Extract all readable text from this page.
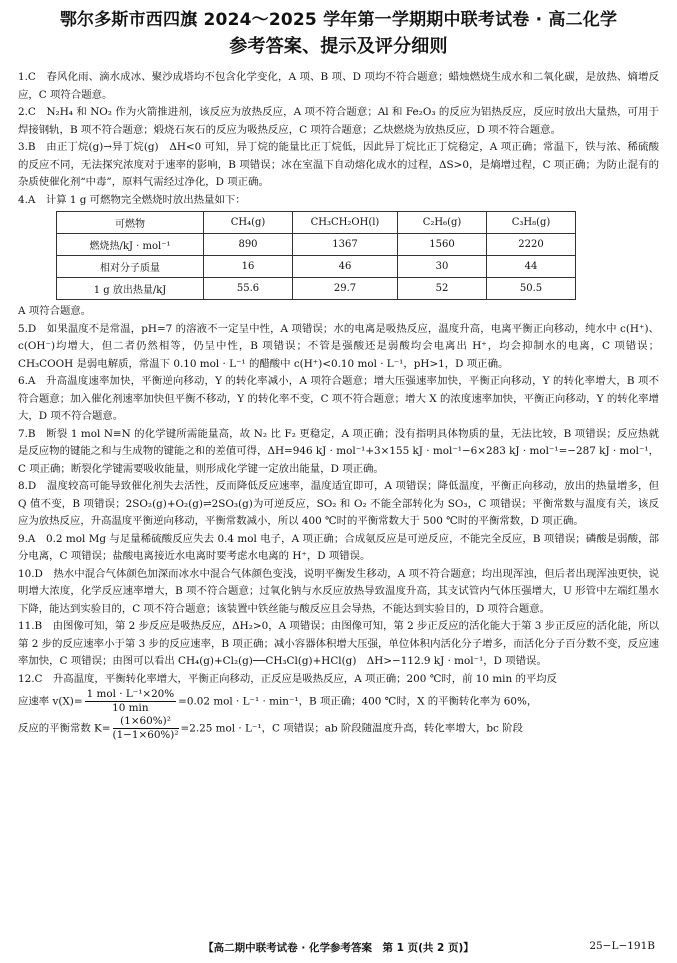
鄂尔多斯市西四旗 2024～2025 学年第一学期期中联考试卷 · 高二化学
参考答案、提示及评分细则

1.C　春风化雨、滴水成冰、聚沙成塔均不包含化学变化，A 项、B 项、D 项均不符合题意；蜡烛燃烧生成水和二氧化碳，是放热、熵增反应，C 项符合题意。

2.C　N₂H₄ 和 NO₂ 作为火箭推进剂，该反应为放热反应，A 项不符合题意；Al 和 Fe₂O₃ 的反应为铝热反应，反应时放出大量热，可用于焊接钢轨，B 项不符合题意；煅烧石灰石的反应为吸热反应，C 项符合题意；乙炔燃烧为放热反应，D 项不符合题意。

3.B　由正丁烷(g)→异丁烷(g)　ΔH<0 可知，异丁烷的能量比正丁烷低，因此异丁烷比正丁烷稳定，A 项正确；常温下，铁与浓、稀硫酸的反应不同，无法探究浓度对于速率的影响，B 项错误；冰在室温下自动熔化成水的过程，ΔS>0，是熵增过程，C 项正确；为防止混有的杂质使催化剂“中毒”，原料气需经过净化，D 项正确。

4.A　计算 1 g 可燃物完全燃烧时放出热量如下：

可燃物	CH₄(g)	CH₃CH₂OH(l)	C₂H₆(g)	C₃H₈(g)
燃烧热/kJ · mol⁻¹	890	1367	1560	2220
相对分子质量	16	46	30	44
1 g 放出热量/kJ	55.6	29.7	52	50.5

A 项符合题意。

5.D　如果温度不是常温，pH=7 的溶液不一定呈中性，A 项错误；水的电离是吸热反应，温度升高，电离平衡正向移动，纯水中 c(H⁺)、c(OH⁻)均增大，但二者仍然相等，仍呈中性，B 项错误；不管是强酸还是弱酸均会电离出 H⁺，均会抑制水的电离，C 项错误；CH₃COOH 是弱电解质，常温下 0.10 mol · L⁻¹ 的醋酸中 c(H⁺)<0.10 mol · L⁻¹，pH>1，D 项正确。

6.A　升高温度速率加快，平衡逆向移动，Y 的转化率减小，A 项符合题意；增大压强速率加快，平衡正向移动，Y 的转化率增大，B 项不符合题意；加入催化剂速率加快但平衡不移动，Y 的转化率不变，C 项不符合题意；增大 X 的浓度速率加快，平衡正向移动，Y 的转化率增大，D 项不符合题意。

7.B　断裂 1 mol N≡N 的化学键所需能量高，故 N₂ 比 F₂ 更稳定，A 项正确；没有指明具体物质的量，无法比较，B 项错误；反应热就是反应物的键能之和与生成物的键能之和的差值可得，ΔH=946 kJ · mol⁻¹+3×155 kJ · mol⁻¹−6×283 kJ · mol⁻¹=−287 kJ · mol⁻¹，C 项正确；断裂化学键需要吸收能量，则形成化学键一定放出能量，D 项正确。

8.D　温度较高可能导致催化剂失去活性，反而降低反应速率，温度适宜即可，A 项错误；降低温度，平衡正向移动，放出的热量增多，但 Q 值不变，B 项错误；2SO₂(g)+O₂(g)⇌2SO₃(g)为可逆反应，SO₂ 和 O₂ 不能全部转化为 SO₃，C 项错误；平衡常数与温度有关，该反应为放热反应，升高温度平衡逆向移动，平衡常数减小，所以 400 ℃时的平衡常数大于 500 ℃时的平衡常数，D 项正确。

9.A　0.2 mol Mg 与足量稀硫酸反应失去 0.4 mol 电子，A 项正确；合成氨反应是可逆反应，不能完全反应，B 项错误；磷酸是弱酸，部分电离，C 项错误；盐酸电离接近水电离时要考虑水电离的 H⁺，D 项错误。

10.D　热水中混合气体颜色加深而冰水中混合气体颜色变浅，说明平衡发生移动，A 项不符合题意；均出现浑浊，但后者出现浑浊更快，说明增大浓度，化学反应速率增大，B 项不符合题意；过氧化钠与水反应放热导致温度升高，其支试管内气体压强增大，U 形管中左端红墨水下降，能达到实验目的，C 项不符合题意；该装置中铁丝能与酸反应且会导热，不能达到实验目的，D 项符合题意。

11.B　由图像可知，第 2 步反应是吸热反应，ΔH₂>0，A 项错误；由图像可知，第 2 步正反应的活化能大于第 3 步正反应的活化能，所以第 2 步的反应速率小于第 3 步的反应速率，B 项正确；减小容器体积增大压强，单位体积内活化分子增多，而活化分子百分数不变，反应速率加快，C 项错误；由图可以看出 CH₄(g)+Cl₂(g)──CH₃Cl(g)+HCl(g)　ΔH>−112.9 kJ · mol⁻¹，D 项错误。

12.C　升高温度，平衡转化率增大，平衡正向移动，正反应是吸热反应，A 项正确；200 ℃时，前 10 min 的平均反

应速率 $v(X)= \frac{\text{1 mol · L⁻¹×20\%}}{10 \min} =0.02$ mol · L⁻¹ · min⁻¹，B 项正确；400 ℃时，X 的平衡转化率为 60%，

反应的平衡常数 $K= \frac{\text{(1×60\%)²}}{\text{(1−1×60\%)²}} =2.25$ mol · L⁻¹，C 项错误；ab 阶段随温度升高，转化率增大，bc 阶段

【高二期中联考试卷 · 化学参考答案　第 1 页(共 2 页)】	25−L−191B
